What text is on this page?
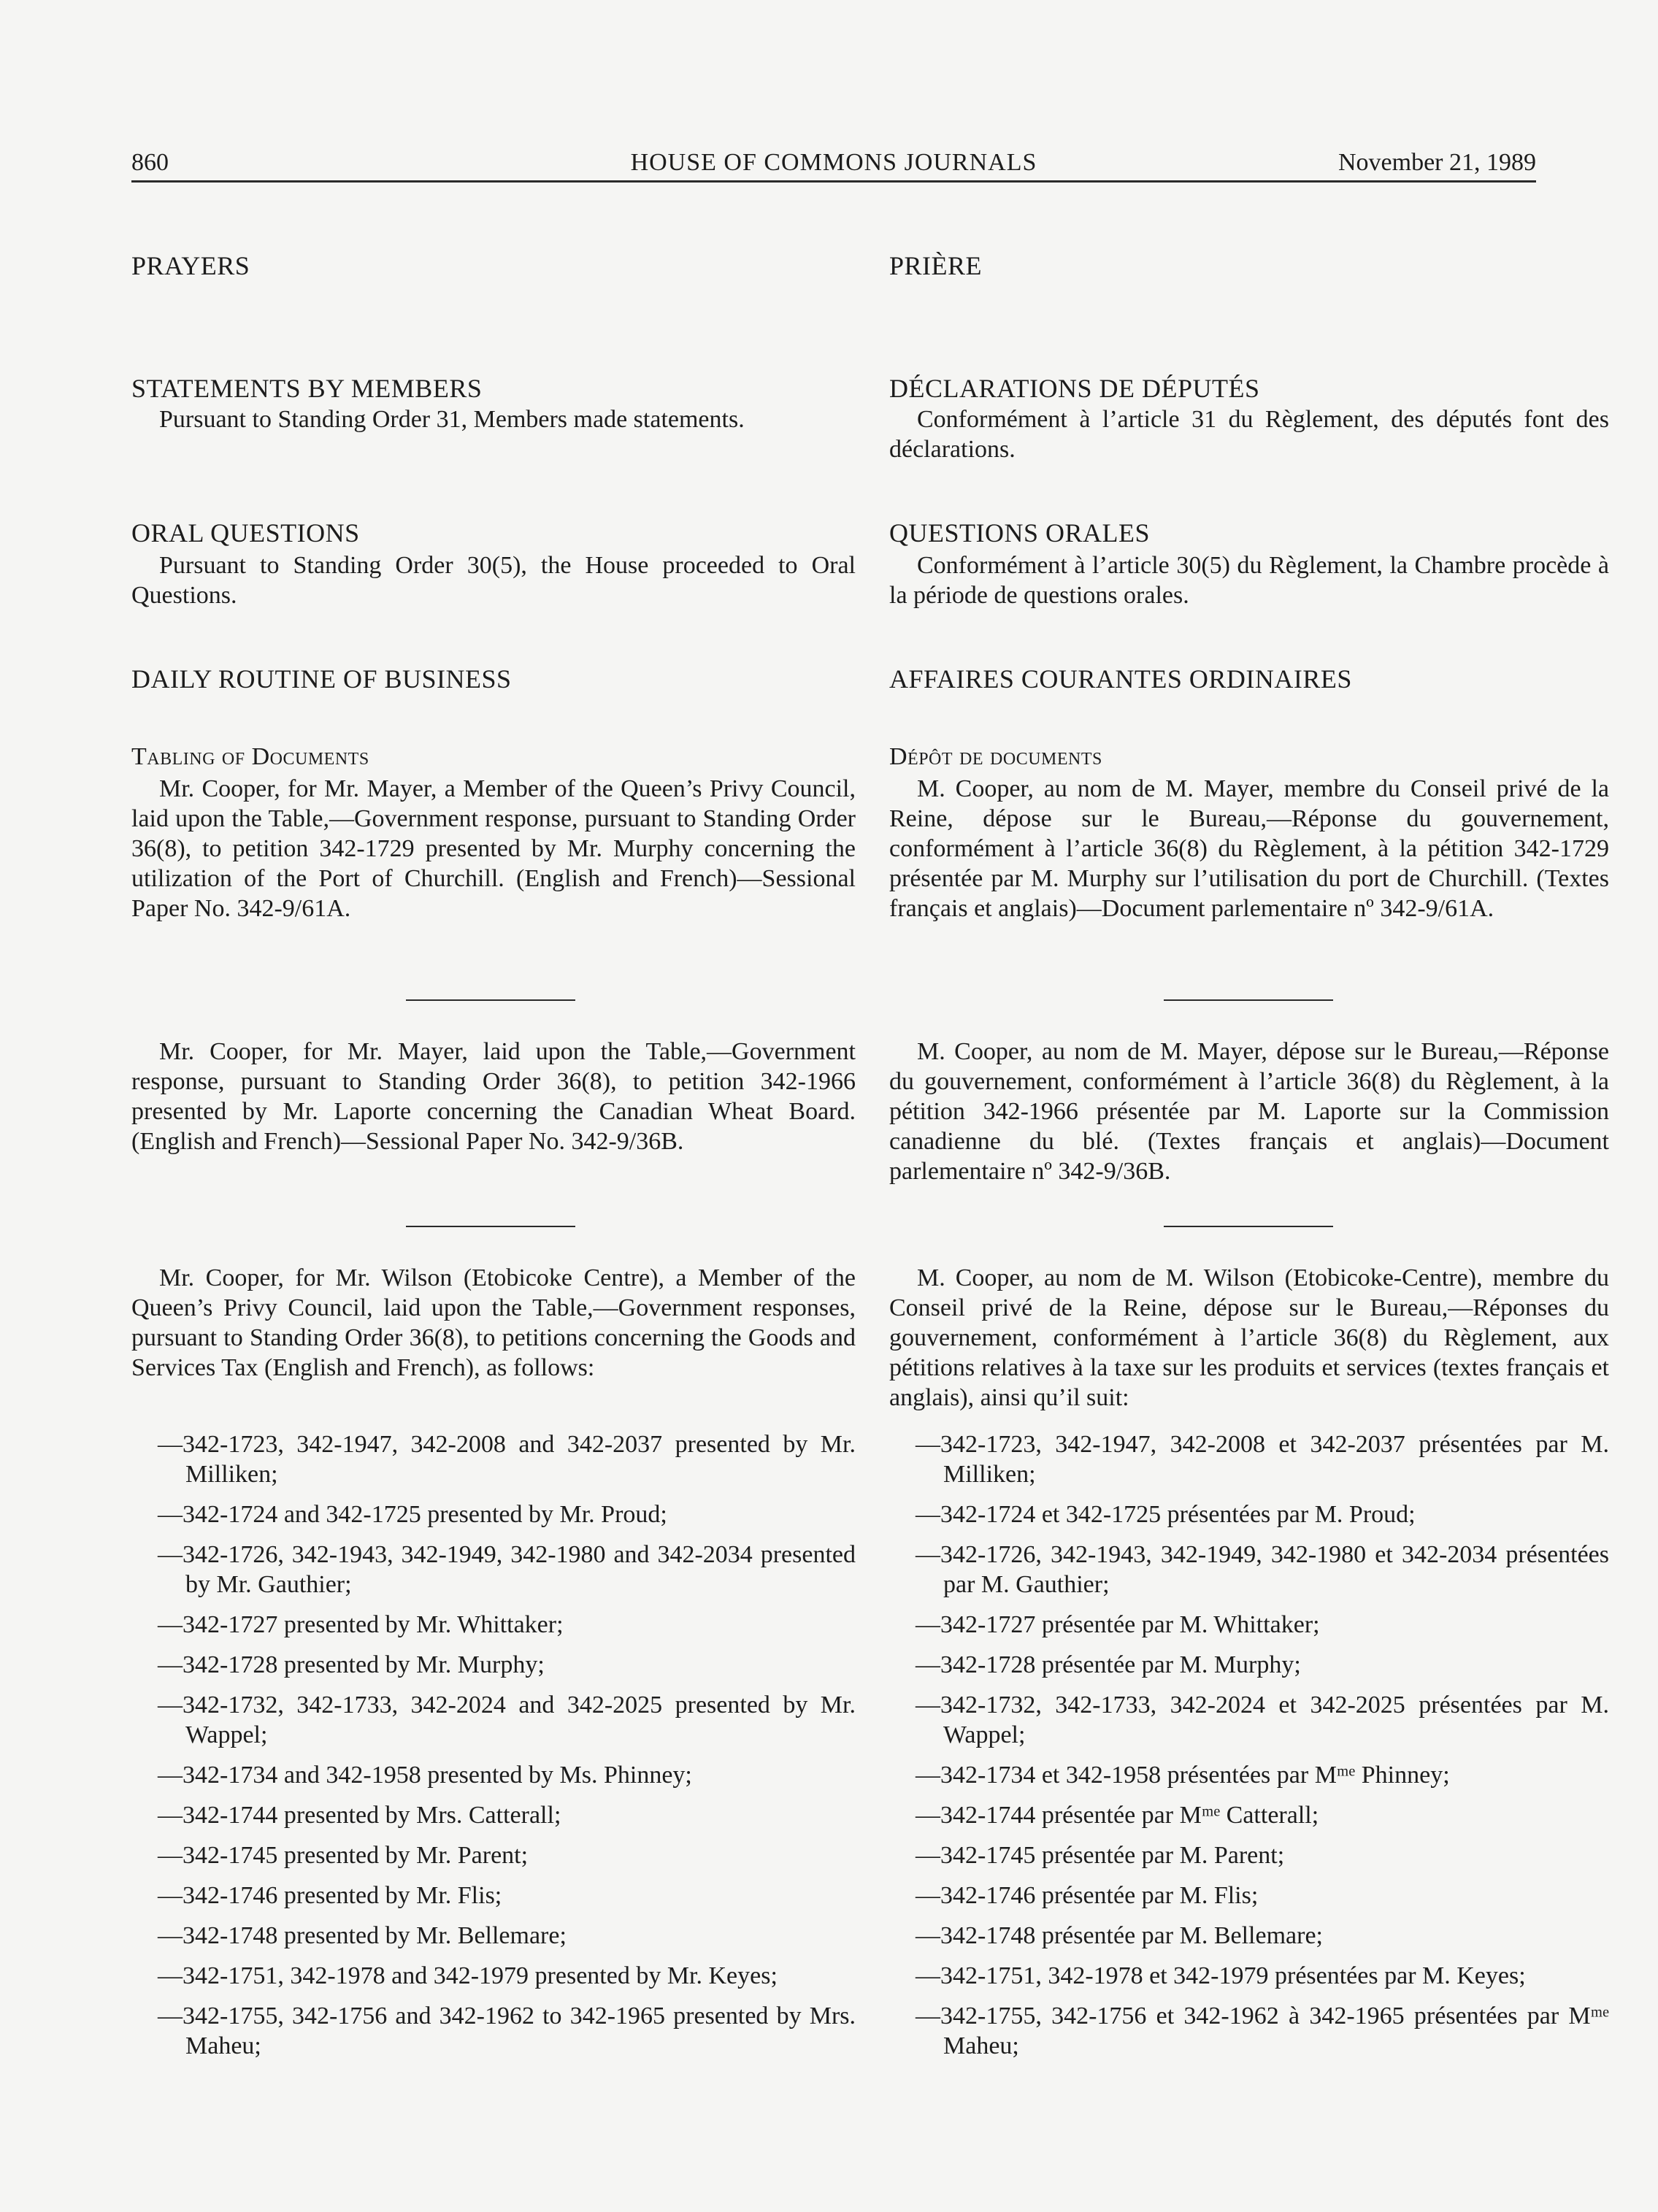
860	HOUSE OF COMMONS JOURNALS	November 21, 1989
PRAYERS
STATEMENTS BY MEMBERS

Pursuant to Standing Order 31, Members made statements.

ORAL QUESTIONS

Pursuant to Standing Order 30(5), the House proceeded to Oral Questions.

DAILY ROUTINE OF BUSINESS
Tabling of Documents

Mr. Cooper, for Mr. Mayer, a Member of the Queen’s Privy Council, laid upon the Table,—Government response, pursuant to Standing Order 36(8), to petition 342-1729 presented by Mr. Murphy concerning the utilization of the Port of Churchill. (English and French)—Sessional Paper No. 342-9/61A.

Mr. Cooper, for Mr. Mayer, laid upon the Table,—Government response, pursuant to Standing Order 36(8), to petition 342-1966 presented by Mr. Laporte concerning the Canadian Wheat Board. (English and French)—Sessional Paper No. 342-9/36B.

Mr. Cooper, for Mr. Wilson (Etobicoke Centre), a Member of the Queen’s Privy Council, laid upon the Table,—Government responses, pursuant to Standing Order 36(8), to petitions concerning the Goods and Services Tax (English and French), as follows:

—342-1723, 342-1947, 342-2008 and 342-2037 presented by Mr. Milliken;
—342-1724 and 342-1725 presented by Mr. Proud;
—342-1726, 342-1943, 342-1949, 342-1980 and 342-2034 presented by Mr. Gauthier;
—342-1727 presented by Mr. Whittaker;
—342-1728 presented by Mr. Murphy;
—342-1732, 342-1733, 342-2024 and 342-2025 presented by Mr. Wappel;
—342-1734 and 342-1958 presented by Ms. Phinney;
—342-1744 presented by Mrs. Catterall;
—342-1745 presented by Mr. Parent;
—342-1746 presented by Mr. Flis;
—342-1748 presented by Mr. Bellemare;
—342-1751, 342-1978 and 342-1979 presented by Mr. Keyes;
—342-1755, 342-1756 and 342-1962 to 342-1965 presented by Mrs. Maheu;
PRIÈRE
DÉCLARATIONS DE DÉPUTÉS

Conformément à l’article 31 du Règlement, des députés font des déclarations.

QUESTIONS ORALES

Conformément à l’article 30(5) du Règlement, la Chambre procède à la période de questions orales.

AFFAIRES COURANTES ORDINAIRES
Dépôt de documents

M. Cooper, au nom de M. Mayer, membre du Conseil privé de la Reine, dépose sur le Bureau,—Réponse du gouvernement, conformément à l’article 36(8) du Règlement, à la pétition 342-1729 présentée par M. Murphy sur l’utilisation du port de Churchill. (Textes français et anglais)—Document parlementaire nº 342-9/61A.

M. Cooper, au nom de M. Mayer, dépose sur le Bureau,—Réponse du gouvernement, conformément à l’article 36(8) du Règlement, à la pétition 342-1966 présentée par M. Laporte sur la Commission canadienne du blé. (Textes français et anglais)—Document parlementaire nº 342-9/36B.

M. Cooper, au nom de M. Wilson (Etobicoke-Centre), membre du Conseil privé de la Reine, dépose sur le Bureau,—Réponses du gouvernement, conformément à l’article 36(8) du Règlement, aux pétitions relatives à la taxe sur les produits et services (textes français et anglais), ainsi qu’il suit:

—342-1723, 342-1947, 342-2008 et 342-2037 présentées par M. Milliken;
—342-1724 et 342-1725 présentées par M. Proud;
—342-1726, 342-1943, 342-1949, 342-1980 et 342-2034 présentées par M. Gauthier;
—342-1727 présentée par M. Whittaker;
—342-1728 présentée par M. Murphy;
—342-1732, 342-1733, 342-2024 et 342-2025 présentées par M. Wappel;
—342-1734 et 342-1958 présentées par Mᵐᵉ Phinney;
—342-1744 présentée par Mᵐᵉ Catterall;
—342-1745 présentée par M. Parent;
—342-1746 présentée par M. Flis;
—342-1748 présentée par M. Bellemare;
—342-1751, 342-1978 et 342-1979 présentées par M. Keyes;
—342-1755, 342-1756 et 342-1962 à 342-1965 présentées par Mᵐᵉ Maheu;
